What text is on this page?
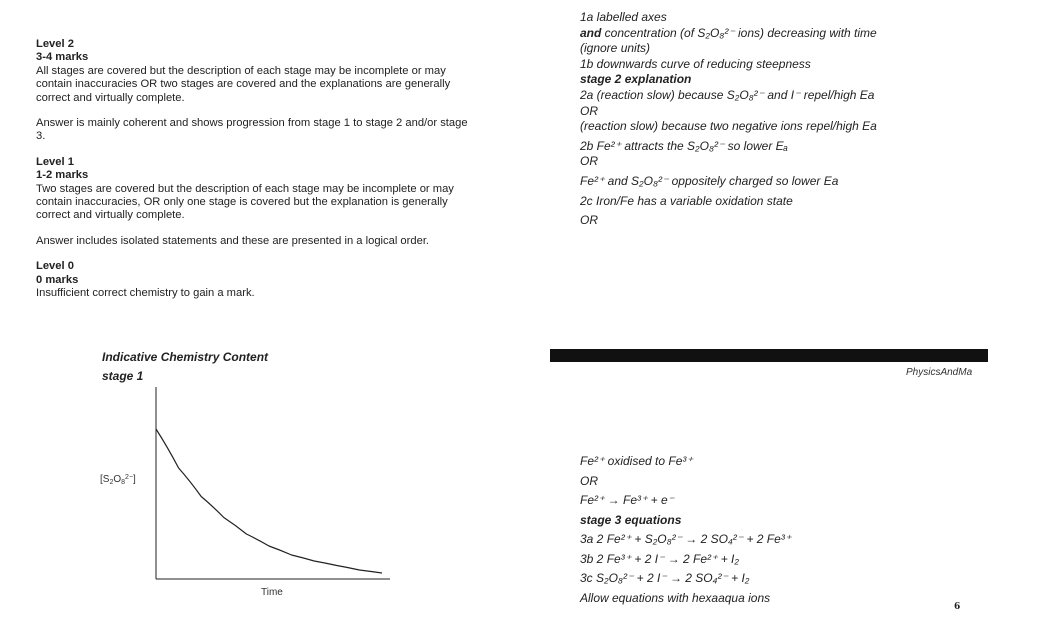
Level 2

3-4 marks

All stages are covered but the description of each stage may be incomplete or may contain inaccuracies OR two stages are covered and the explanations are generally correct and virtually complete.

Answer is mainly coherent and shows progression from stage 1 to stage 2 and/or stage 3.

Level 1

1-2 marks

Two stages are covered but the description of each stage may be incomplete or may contain inaccuracies, OR only one stage is covered but the explanation is generally correct and virtually complete.

Answer includes isolated statements and these are presented in a logical order.

Level 0

0 marks

Insufficient correct chemistry to gain a mark.

Indicative Chemistry Content
stage 1
$[S_2O_8^{2-}]$
Time

1a labelled axes

and concentration (of S₂O₈²⁻ ions) decreasing with time (ignore units)

1b downwards curve of reducing steepness

stage 2 explanation

2a (reaction slow) because S₂O₈²⁻ and I⁻ repel/high Ea

OR

(reaction slow) because two negative ions repel/high Ea

2b Fe²⁺ attracts the S₂O₈²⁻ so lower Eₐ

OR

Fe²⁺ and S₂O₈²⁻ oppositely charged so lower Ea

2c Iron/Fe has a variable oxidation state

OR

PhysicsAndMa

Fe²⁺ oxidised to Fe³⁺

OR

Fe²⁺ → Fe³⁺ + e⁻

stage 3 equations

3a 2 Fe²⁺ + S₂O₈²⁻ → 2 SO₄²⁻ + 2 Fe³⁺

3b 2 Fe³⁺ + 2 I⁻ → 2 Fe²⁺ + I₂

3c S₂O₈²⁻ + 2 I⁻ → 2 SO₄²⁻ + I₂

Allow equations with hexaaqua ions

6
